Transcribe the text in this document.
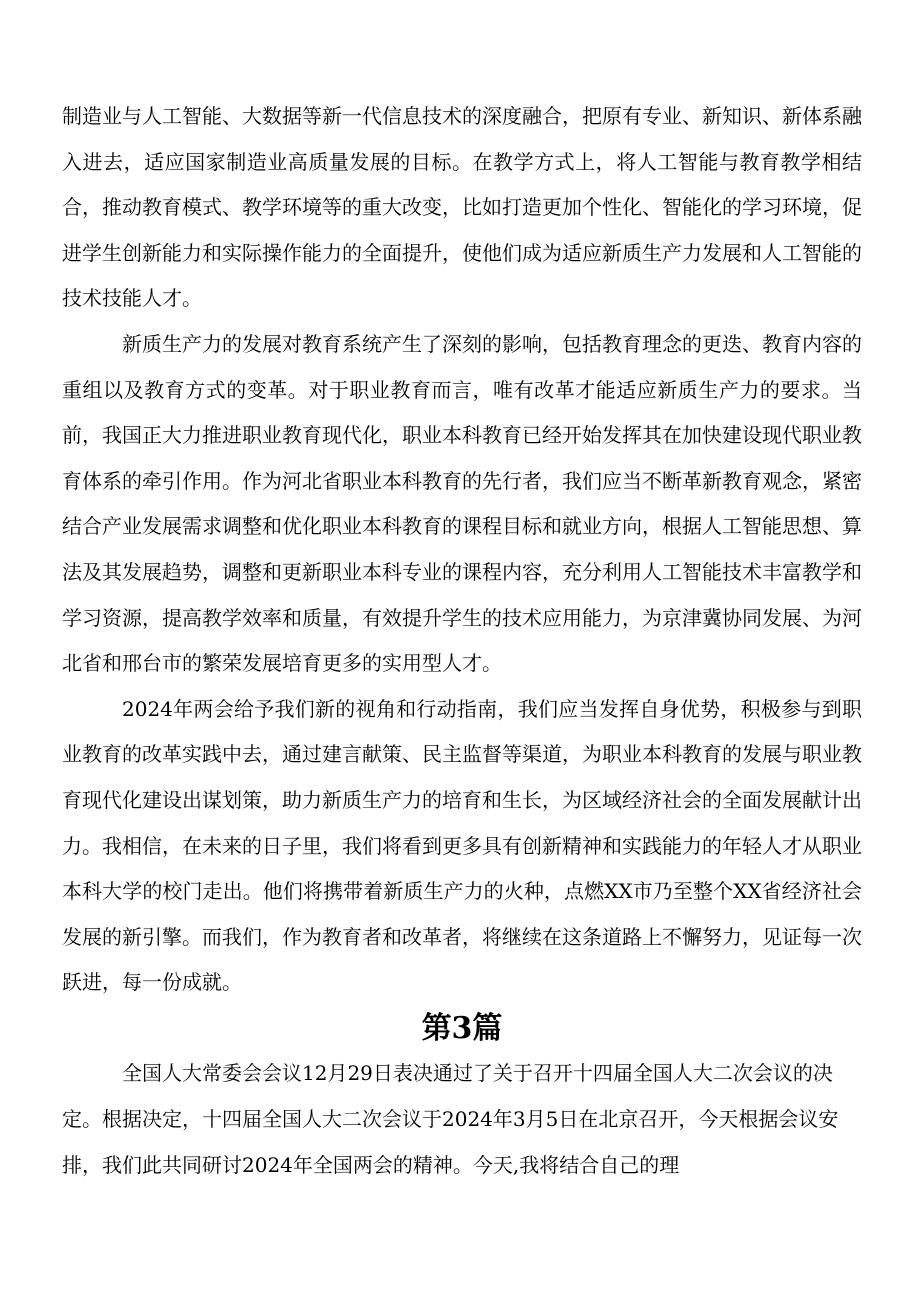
制造业与人工智能、大数据等新一代信息技术的深度融合，把原有专业、新知识、新体系融入进去，适应国家制造业高质量发展的目标。在教学方式上，将人工智能与教育教学相结合，推动教育模式、教学环境等的重大改变，比如打造更加个性化、智能化的学习环境，促进学生创新能力和实际操作能力的全面提升，使他们成为适应新质生产力发展和人工智能的技术技能人才。

新质生产力的发展对教育系统产生了深刻的影响，包括教育理念的更迭、教育内容的重组以及教育方式的变革。对于职业教育而言，唯有改革才能适应新质生产力的要求。当前，我国正大力推进职业教育现代化，职业本科教育已经开始发挥其在加快建设现代职业教育体系的牵引作用。作为河北省职业本科教育的先行者，我们应当不断革新教育观念，紧密结合产业发展需求调整和优化职业本科教育的课程目标和就业方向，根据人工智能思想、算法及其发展趋势，调整和更新职业本科专业的课程内容，充分利用人工智能技术丰富教学和学习资源，提高教学效率和质量，有效提升学生的技术应用能力，为京津冀协同发展、为河北省和邢台市的繁荣发展培育更多的实用型人才。

2024年两会给予我们新的视角和行动指南，我们应当发挥自身优势，积极参与到职业教育的改革实践中去，通过建言献策、民主监督等渠道，为职业本科教育的发展与职业教育现代化建设出谋划策，助力新质生产力的培育和生长，为区域经济社会的全面发展献计出力。我相信，在未来的日子里，我们将看到更多具有创新精神和实践能力的年轻人才从职业本科大学的校门走出。他们将携带着新质生产力的火种，点燃XX市乃至整个XX省经济社会发展的新引擎。而我们，作为教育者和改革者，将继续在这条道路上不懈努力，见证每一次跃进，每一份成就。

第3篇

全国人大常委会会议12月29日表决通过了关于召开十四届全国人大二次会议的决定。根据决定，十四届全国人大二次会议于2024年3月5日在北京召开，今天根据会议安排，我们此共同研讨2024年全国两会的精神。今天,我将结合自己的理
